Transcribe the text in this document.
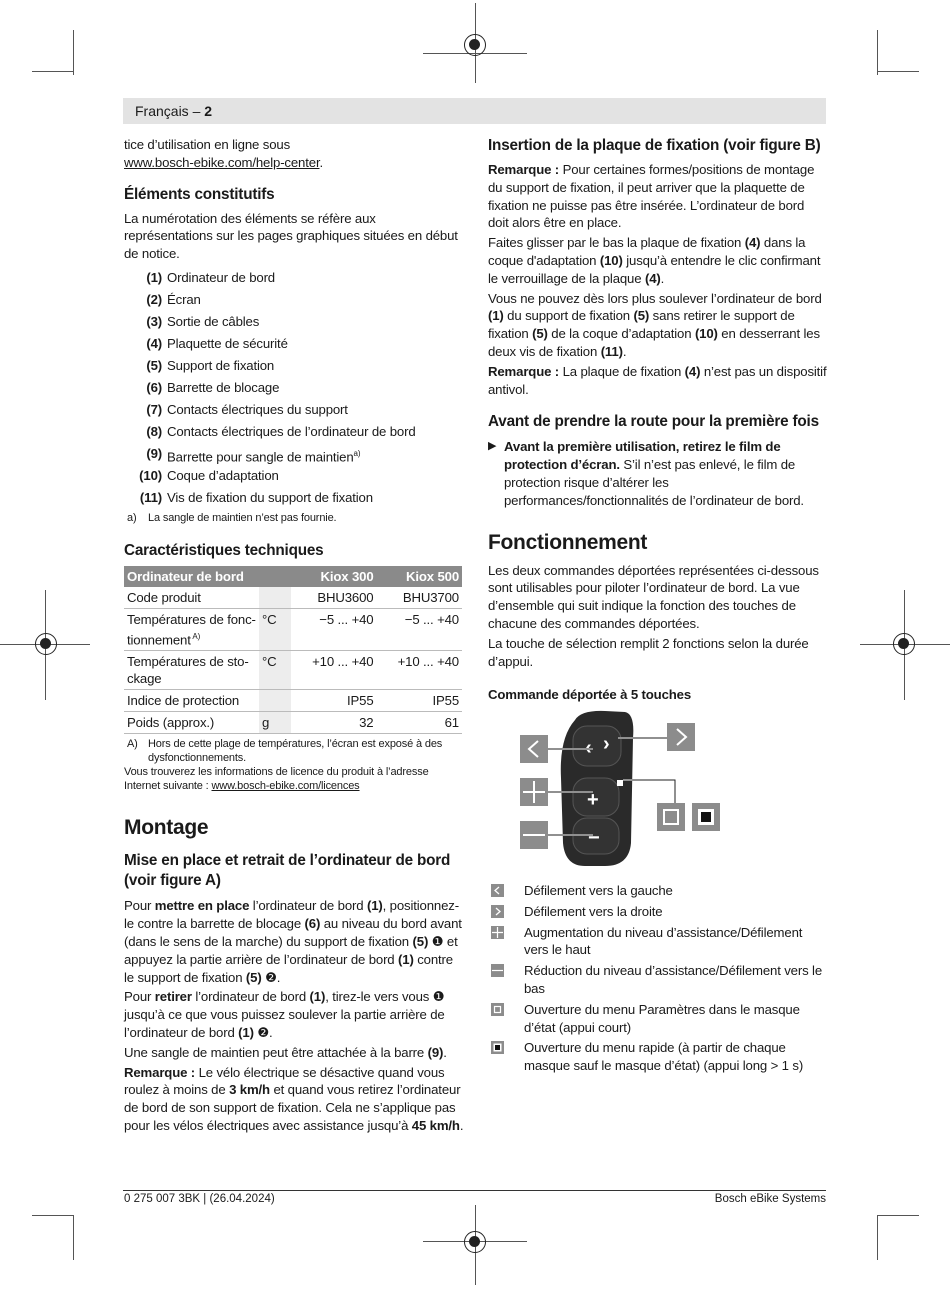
Français – 2

tice d’utilisation en ligne sous
www.bosch-ebike.com/help-center.

Éléments constitutifs

La numérotation des éléments se réfère aux représentations sur les pages graphiques situées en début de notice.

(1) Ordinateur de bord
(2) Écran
(3) Sortie de câbles
(4) Plaquette de sécurité
(5) Support de fixation
(6) Barrette de blocage
(7) Contacts électriques du support
(8) Contacts électriques de l’ordinateur de bord
(9) Barrette pour sangle de maintien$^{a)}$
(10) Coque d’adaptation
(11) Vis de fixation du support de fixation
a) La sangle de maintien n’est pas fournie.
Caractéristiques techniques
Ordinateur de bord		Kiox 300	Kiox 500
Code produit		BHU3600	BHU3700
Températures de fonc-tionnement $^{A)}$	°C	−5 ... +40	−5 ... +40
Températures de sto-ckage	°C	+10 ... +40	+10 ... +40
Indice de protection		IP55	IP55
Poids (approx.)	g	32	61
A) Hors de cette plage de températures, l’écran est exposé à des dysfonctionnements.
Vous trouverez les informations de licence du produit à l’adresse Internet suivante : www.bosch-ebike.com/licences
Montage
Mise en place et retrait de l’ordinateur de bord (voir figure A)

Pour mettre en place l’ordinateur de bord (1), positionnez-le contre la barrette de blocage (6) au niveau du bord avant (dans le sens de la marche) du support de fixation (5) ❶ et appuyez la partie arrière de l’ordinateur de bord (1) contre le support de fixation (5) ❷.

Pour retirer l’ordinateur de bord (1), tirez-le vers vous ❶ jusqu’à ce que vous puissez soulever la partie arrière de l’ordinateur de bord (1) ❷.

Une sangle de maintien peut être attachée à la barre (9).

Remarque : Le vélo électrique se désactive quand vous roulez à moins de 3 km/h et quand vous retirez l’ordinateur de bord de son support de fixation. Cela ne s’applique pas pour les vélos électriques avec assistance jusqu’à 45 km/h.

Insertion de la plaque de fixation (voir figure B)

Remarque : Pour certaines formes/positions de montage du support de fixation, il peut arriver que la plaquette de fixation ne puisse pas être insérée. L’ordinateur de bord doit alors être en place.

Faites glisser par le bas la plaque de fixation (4) dans la coque d'adaptation (10) jusqu’à entendre le clic confirmant le verrouillage de la plaque (4).

Vous ne pouvez dès lors plus soulever l’ordinateur de bord (1) du support de fixation (5) sans retirer le support de fixation (5) de la coque d’adaptation (10) en desserrant les deux vis de fixation (11).

Remarque : La plaque de fixation (4) n’est pas un dispositif antivol.

Avant de prendre la route pour la première fois
▶ Avant la première utilisation, retirez le film de protection d’écran. S’il n’est pas enlevé, le film de protection risque d’altérer les performances/fonctionnalités de l’ordinateur de bord.
Fonctionnement

Les deux commandes déportées représentées ci-dessous sont utilisables pour piloter l’ordinateur de bord. La vue d’ensemble qui suit indique la fonction des touches de chacune des commandes déportées.

La touche de sélection remplit 2 fonctions selon la durée d’appui.

Commande déportée à 5 touches
‹ ›
+
−
Défilement vers la gauche
Défilement vers la droite
Augmentation du niveau d’assistance/Défilement vers le haut
Réduction du niveau d’assistance/Défilement vers le bas
Ouverture du menu Paramètres dans le masque d’état (appui court)
Ouverture du menu rapide (à partir de chaque masque sauf le masque d’état) (appui long > 1 s)
0 275 007 3BK | (26.04.2024)	Bosch eBike Systems
